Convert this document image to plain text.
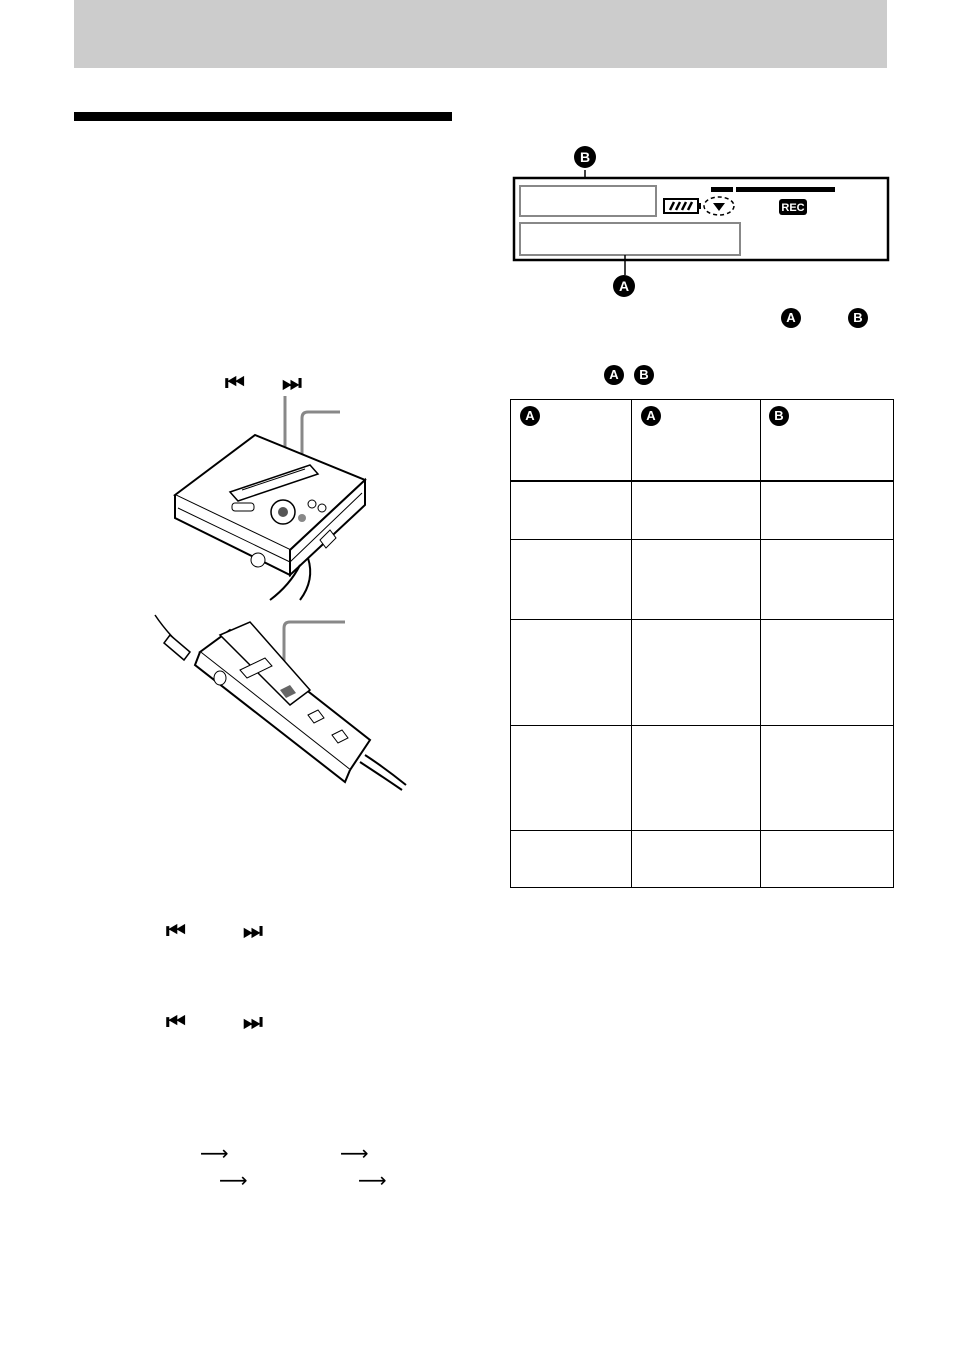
REC
B
A
A	B
A	B
⏮ ⏭
⏮	⏭
⏮	⏭
⟶	⟶
⟶	⟶
A	A	B
